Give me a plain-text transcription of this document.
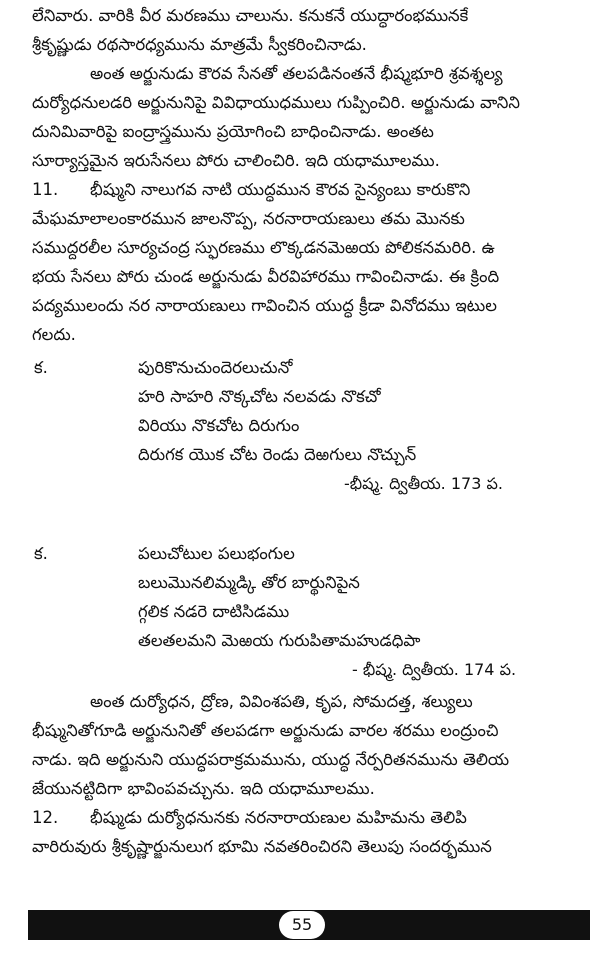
లేనివారు. వారికి వీర మరణము చాలును. కనుకనే యుద్ధారంభమునకే
శ్రీకృష్ణుడు రథసారధ్యమును మాత్రమే స్వీకరించినాడు.
అంత అర్జునుడు కౌరవ సేనతో తలపడినంతనే భీష్మభూరి శ్రవశ్శల్య
దుర్యోధనులడరి అర్జునునిపై వివిధాయుధములు గుప్పించిరి. అర్జునుడు వానిని
దునిమివారిపై ఐంద్రాస్త్రమును ప్రయోగించి బాధించినాడు. అంతట
సూర్యాస్తమైన ఇరుసేనలు పోరు చాలించిరి. ఇది యధామూలము.
11. భీష్ముని నాలుగవ నాటి యుద్ధమున కౌరవ సైన్యంబు కారుకొని
మేఘమాలాలంకారమున జాలనొప్ప, నరనారాయణులు తమ మొనకు
సముద్దరలీల సూర్యచంద్ర స్ఫురణము లొక్కడనమెఱయ పోలికనమరిరి. ఉ
భయ సేనలు పోరు చుండ అర్జునుడు వీరవిహారము గావించినాడు. ఈ క్రింది
పద్యములందు నర నారాయణులు గావించిన యుద్ధ క్రీడా వినోదము ఇటుల
గలదు.
క.	పురికొనుచుందెరలుచునో
హరి సాహరి నొక్కచోట నలవడు నొకచో
విరియు నొకచోట దిరుగుం
దిరుగక యొక చోట రెండు దెఱగులు నొచ్చున్
-భీష్మ. ద్వితీయ. 173 ప.
క.	పలుచోటుల పలుభంగుల
బలుమొనలిమ్మడ్కి తోర బార్థునిపైన
గ్గలిక నడరె దాటిసిడము
తలతలమని మెఱయ గురుపితామహుడధిపా
- భీష్మ. ద్వితీయ. 174 ప.
అంత దుర్యోధన, ద్రోణ, వివింశపతి, కృప, సోమదత్త, శల్యులు
భీష్మునితోగూడి అర్జునునితో తలపడగా అర్జునుడు వారల శరము లంద్రుంచి
నాడు. ఇది అర్జునుని యుద్ధపరాక్రమమును, యుద్ధ నేర్పరితనమును తెలియ
జేయునట్టిదిగా భావింపవచ్చును. ఇది యధామూలము.
12. భీష్ముడు దుర్యోధనునకు నరనారాయణుల మహిమను తెలిపి
వారిరువురు శ్రీకృష్ణార్జునులుగ భూమి నవతరించిరని తెలుపు సందర్భమున
55
